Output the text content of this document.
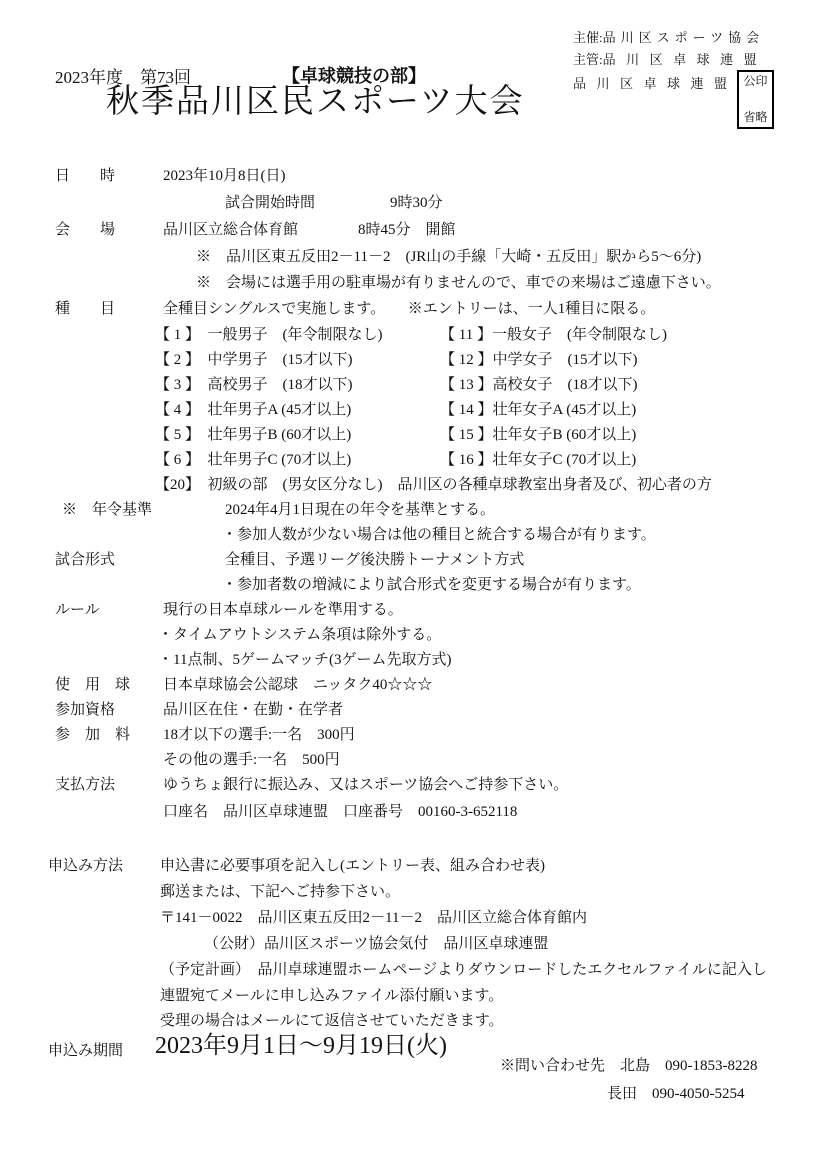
主催:品川区スポーツ協会
主管:品川区卓球連盟
品川区卓球連盟 公印
省略
2023年度　第73回	【卓球競技の部】
秋季品川区民スポーツ大会
日　　時	2023年10月8日(日)
試合開始時間　　　　　9時30分
会　　場	品川区立総合体育館　　　　8時45分　開館
※　品川区東五反田2－11－2　(JR山の手線「大崎・五反田」駅から5～6分)
※　会場には選手用の駐車場が有りませんので、車での来場はご遠慮下さい。
種　　目	全種目シングルスで実施します。　　※エントリーは、一人1種目に限る。
【 1 】　一般男子　(年令制限なし)	【 11 】一般女子　(年令制限なし)
【 2 】　中学男子　(15才以下)	【 12 】中学女子　(15才以下)
【 3 】　高校男子　(18才以下)	【 13 】高校女子　(18才以下)
【 4 】　壮年男子A (45才以上)	【 14 】壮年女子A (45才以上)
【 5 】　壮年男子B (60才以上)	【 15 】壮年女子B (60才以上)
【 6 】　壮年男子C (70才以上)	【 16 】壮年女子C (70才以上)
【20】　初級の部　(男女区分なし)　品川区の各種卓球教室出身者及び、初心者の方
※　年令基準	2024年4月1日現在の年令を基準とする。
・参加人数が少ない場合は他の種目と統合する場合が有ります。
試合形式	全種目、予選リーグ後決勝トーナメント方式
・参加者数の増減により試合形式を変更する場合が有ります。
ルール	現行の日本卓球ルールを準用する。
・タイムアウトシステム条項は除外する。
・11点制、5ゲームマッチ(3ゲーム先取方式)
使　用　球 日本卓球協会公認球　ニッタク40☆☆☆
参加資格	品川区在住・在勤・在学者
参　加　料 18才以下の選手:一名　300円
その他の選手:一名　500円
支払方法	ゆうちょ銀行に振込み、又はスポーツ協会へご持参下さい。
口座名　品川区卓球連盟　口座番号　00160-3-652118
申込み方法 申込書に必要事項を記入し(エントリー表、組み合わせ表)
郵送または、下記へご持参下さい。
〒141－0022　品川区東五反田2－11－2　品川区立総合体育館内
（公財）品川区スポーツ協会気付　品川区卓球連盟
（予定計画）　品川卓球連盟ホームページよりダウンロードしたエクセルファイルに記入し
連盟宛てメールに申し込みファイル添付願います。
受理の場合はメールにて返信させていただきます。
申込み期間 2023年9月1日～9月19日(火)
※問い合わせ先　北島　090-1853-8228
長田　090-4050-5254
